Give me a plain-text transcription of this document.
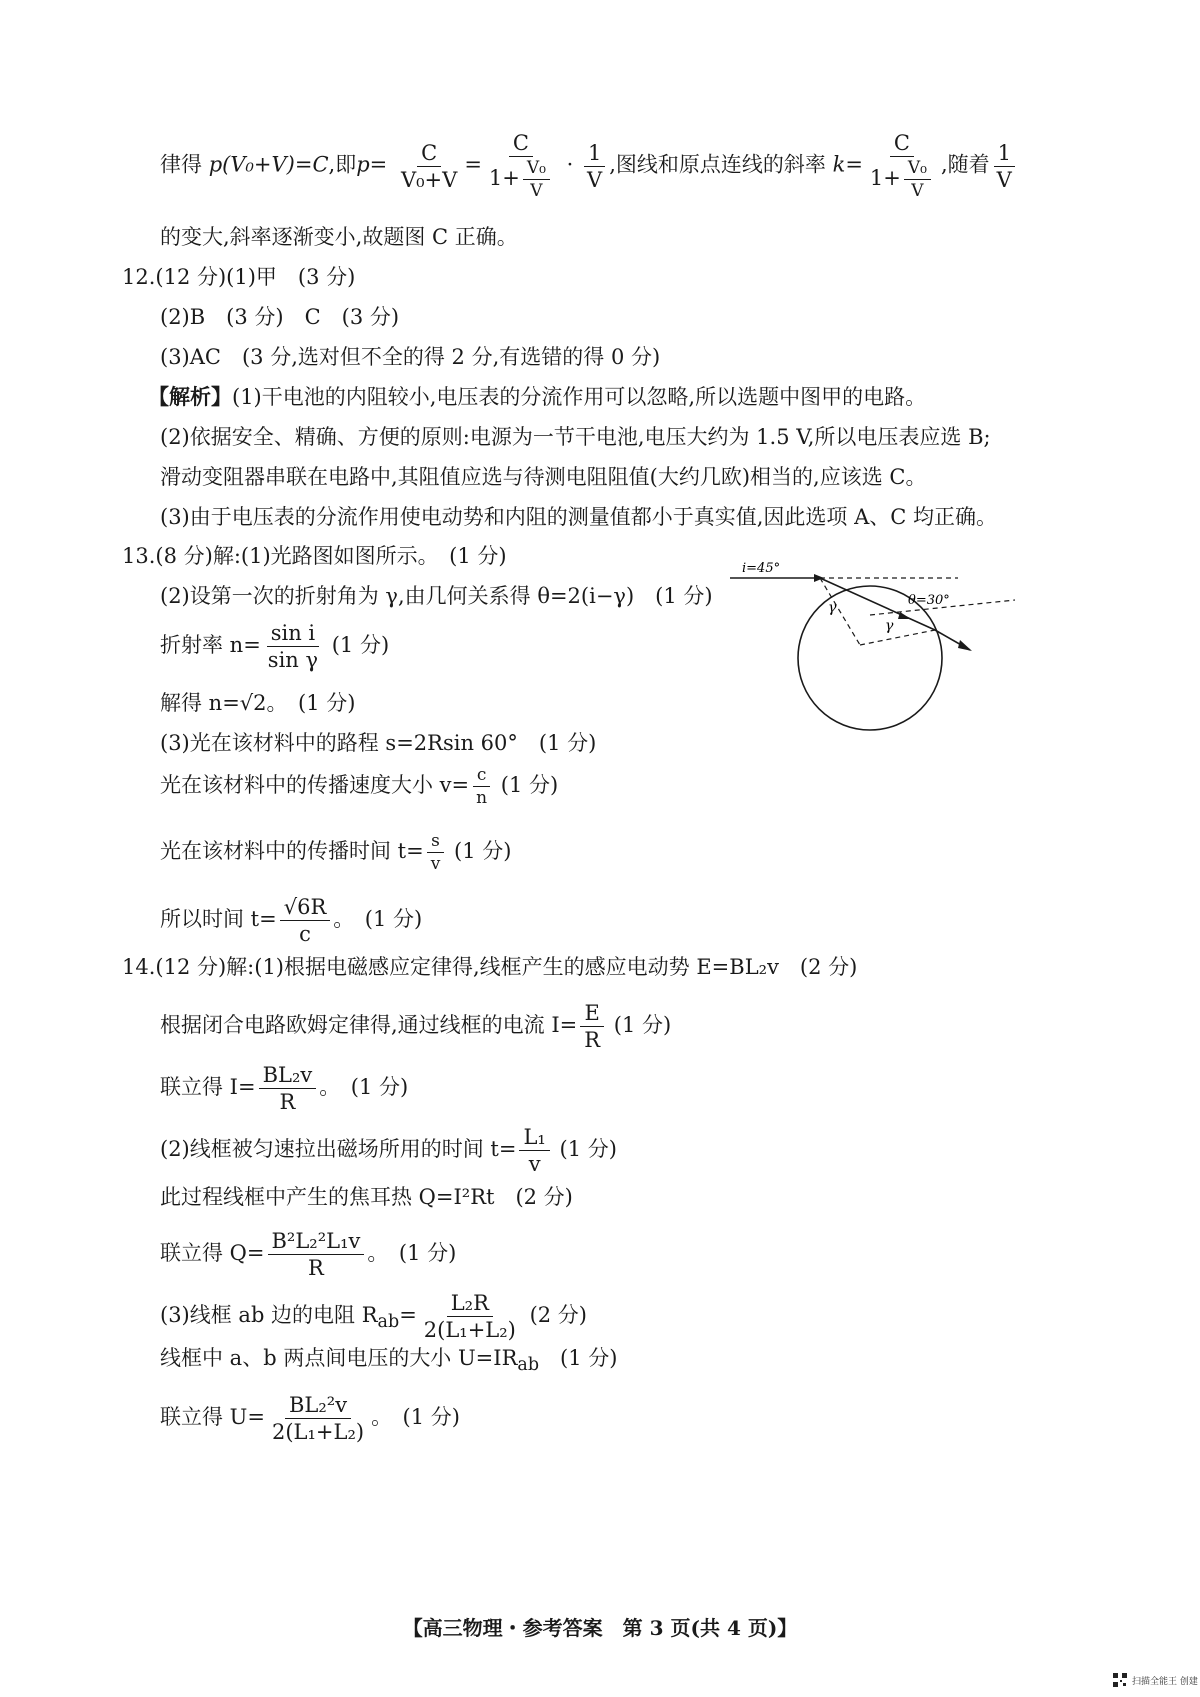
律得 p(V₀+V)=C,即$p= \frac{C}{\text{V₀+V}} = \frac{C}{1+ \frac{\text{V₀}}{V}} \cdot \frac{1}{V}$ ,图线和原点连线的斜率 $k= \frac{C}{1+ \frac{\text{V₀}}{V}}$ ,随着 $\frac{1}{V}$
的变大,斜率逐渐变小,故题图 C 正确。
12.(12 分)(1)甲　(3 分)
(2)B　(3 分)　C　(3 分)
(3)AC　(3 分,选对但不全的得 2 分,有选错的得 0 分)
【解析】(1)干电池的内阻较小,电压表的分流作用可以忽略,所以选题中图甲的电路。
(2)依据安全、精确、方便的原则:电源为一节干电池,电压大约为 1.5 V,所以电压表应选 B;
滑动变阻器串联在电路中,其阻值应选与待测电阻阻值(大约几欧)相当的,应该选 C。
(3)由于电压表的分流作用使电动势和内阻的测量值都小于真实值,因此选项 A、C 均正确。
13.(8 分)解:(1)光路图如图所示。　(1 分)
(2)设第一次的折射角为 γ,由几何关系得 θ=2(i−γ)　(1 分)
折射率 $n= \frac{\text{sin i}}{\text{sin γ}} (1$ 分)
解得 n=√2。　(1 分)
(3)光在该材料中的路程 s=2Rsin 60°　(1 分)
光在该材料中的传播速度大小 $v= \frac{c}{n} (1$ 分)
光在该材料中的传播时间 $t= \frac{s}{v} (1$ 分)
所以时间 $t= \frac{√6R}{c}$ 。　(1 分)
i=45°
θ=30°
γ
γ
14.(12 分)解:(1)根据电磁感应定律得,线框产生的感应电动势 E=BL₂v　(2 分)
根据闭合电路欧姆定律得,通过线框的电流 $I= \frac{E}{R} (1$ 分)
联立得 $I= \frac{\text{BL₂v}}{R}$ 。　(1 分)
(2)线框被匀速拉出磁场所用的时间 $t= \frac{\text{L₁}}{v} (1$ 分)
此过程线框中产生的焦耳热 Q=I²Rt　(2 分)
联立得 $Q= \frac{\text{B²L₂²L₁v}}{R}$ 。　(1 分)
(3)线框 ab 边的电阻 $R_{ab}= \frac{\text{L₂R}}{\text{2(L₁+L₂)}} (2$ 分)
线框中 a、b 两点间电压的大小 $U=IR_{ab}$　 (1 分)
联立得 $U= \frac{\text{BL₂²v}}{\text{2(L₁+L₂)}}$ 。　(1 分)
【高三物理・参考答案　第 3 页(共 4 页)】
扫描全能王 创建
